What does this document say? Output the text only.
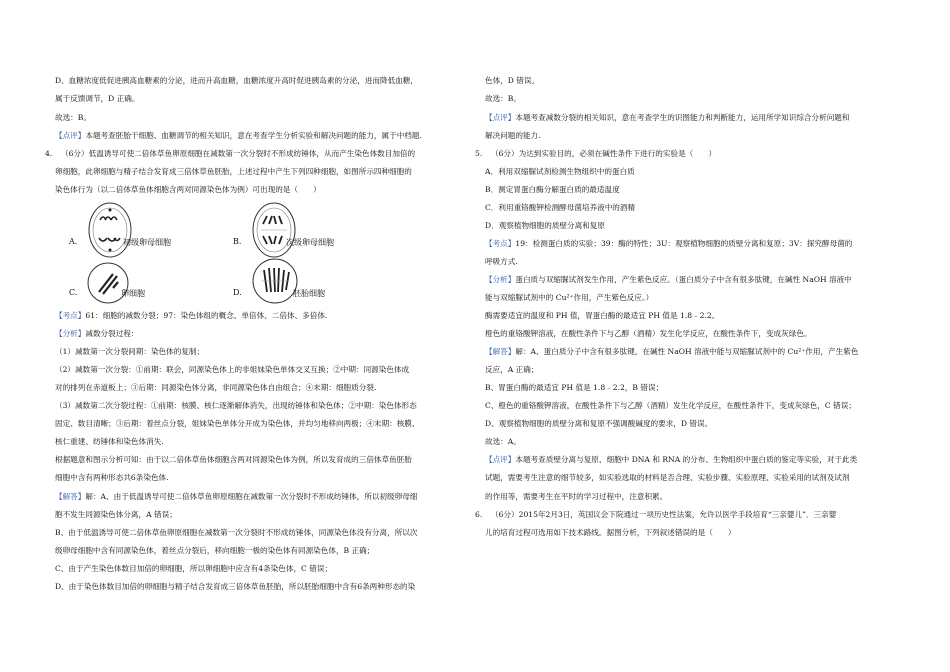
D、血糖浓度低促进胰高血糖素的分泌，进而升高血糖，血糖浓度升高时促进胰岛素的分泌，进而降低血糖，
属于反馈调节，D 正确。
故选：B。
【点评】本题考查胚胎干细胞、血糖调节的相关知识，意在考查学生分析实验和解决问题的能力，属于中档题.
4. （6分）低温诱导可使二倍体草鱼卵原细胞在减数第一次分裂时不形成纺锤体，从而产生染色体数目加倍的
卵细胞，此卵细胞与精子结合发育成三倍体草鱼胚胎，上述过程中产生下列四种细胞，如图所示四种细胞的
染色体行为（以二倍体草鱼体细胞含两对同源染色体为例）可出现的是（　　）
A.	初级卵母细胞	B.	次级卵母细胞
C.	卵细胞	D.	胚胎细胞
【考点】61：细胞的减数分裂；97：染色体组的概念、单倍体、二倍体、多倍体.
【分析】减数分裂过程：
（1）减数第一次分裂间期：染色体的复制；
（2）减数第一次分裂：①前期：联会，同源染色体上的非姐妹染色单体交叉互换；②中期：同源染色体成
对的排列在赤道板上；③后期：同源染色体分离，非同源染色体自由组合；④末期：细胞质分裂.
（3）减数第二次分裂过程：①前期：核膜、核仁逐渐解体消失，出现纺锤体和染色体；②中期：染色体形态
固定、数目清晰；③后期：着丝点分裂，姐妹染色单体分开成为染色体，并均匀地移向两极；④末期：核膜、
核仁重建、纺锤体和染色体消失.
根据题意和图示分析可知：由于以二倍体草鱼体细胞含两对同源染色体为例，所以发育成的三倍体草鱼胚胎
细胞中含有两种形态共6条染色体.
【解答】解：A、由于低温诱导可使二倍体草鱼卵原细胞在减数第一次分裂时不形成纺锤体，所以初级卵母细
胞不发生同源染色体分离，A 错误；
B、由于低温诱导可使二倍体草鱼卵原细胞在减数第一次分裂时不形成纺锤体，同源染色体没有分离，所以次
级卵母细胞中含有同源染色体，着丝点分裂后，移向细胞一极的染色体有同源染色体，B 正确；
C、由于产生染色体数目加倍的卵细胞，所以卵细胞中应含有4条染色体，C 错误；
D、由于染色体数目加倍的卵细胞与精子结合发育成三倍体草鱼胚胎，所以胚胎细胞中含有6条两种形态的染
色体，D 错误。
故选：B。
【点评】本题考查减数分裂的相关知识，意在考查学生的识图能力和判断能力，运用所学知识综合分析问题和
解决问题的能力.
5. （6分）为达到实验目的，必须在碱性条件下进行的实验是（　　）
A．利用双缩脲试剂检测生物组织中的蛋白质
B．测定胃蛋白酶分解蛋白质的最适温度
C．利用重铬酸钾检测酵母菌培养液中的酒精
D．观察植物细胞的质壁分离和复原
【考点】19：检测蛋白质的实验；39：酶的特性；3U：观察植物细胞的质壁分离和复原；3V：探究酵母菌的
呼吸方式.
【分析】蛋白质与双缩脲试剂发生作用，产生紫色反应。（蛋白质分子中含有很多肽键，在碱性 NaOH 溶液中
能与双缩脲试剂中的 Cu²⁺作用，产生紫色反应。）
酶需要适宜的温度和 PH 值，胃蛋白酶的最适宜 PH 值是 1.8﹣2.2。
橙色的重铬酸钾溶液，在酸性条件下与乙醇（酒精）发生化学反应，在酸性条件下，变成灰绿色。
【解答】解：A、蛋白质分子中含有很多肽键，在碱性 NaOH 溶液中能与双缩脲试剂中的 Cu²⁺作用，产生紫色
反应，A 正确；
B、胃蛋白酶的最适宜 PH 值是 1.8﹣2.2，B 错误；
C、橙色的重铬酸钾溶液，在酸性条件下与乙醇（酒精）发生化学反应，在酸性条件下，变成灰绿色，C 错误；
D、观察植物细胞的质壁分离和复原不强调酸碱度的要求，D 错误。
故选：A。
【点评】本题考查质壁分离与复原、细胞中 DNA 和 RNA 的分布、生物组织中蛋白质的鉴定等实验，对于此类
试题，需要考生注意的细节较多，如实验选取的材料是否合理、实验步骤、实验原理、实验采用的试剂及试剂
的作用等，需要考生在平时的学习过程中，注意积累。
6. （6分）2015年2月3日，英国议会下院通过一项历史性法案，允许以医学手段培育“三亲婴儿”．三亲婴
儿的培育过程可选用如下技术路线。据图分析，下列叙述错误的是（　　）
